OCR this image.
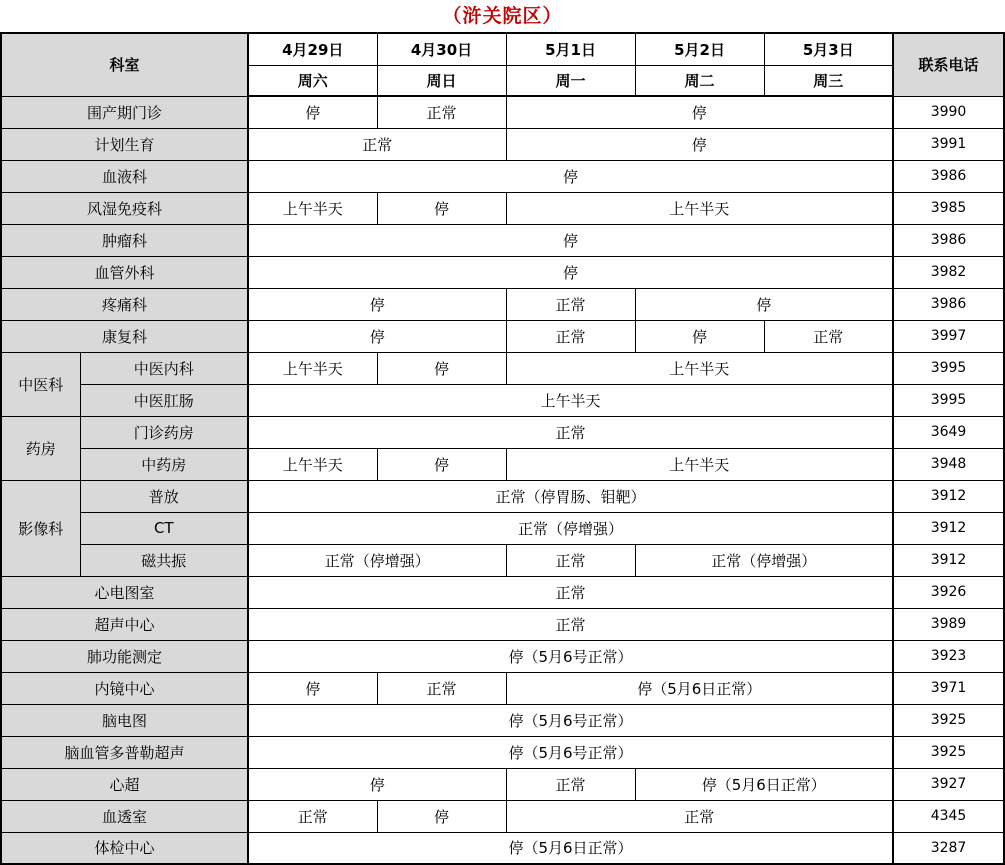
（浒关院区）
科室		4月29日	4月30日	5月1日	5月2日	5月3日	联系电话
		周六	周日	周一	周二	周三	
围产期门诊		停	正常	停			3990
计划生育		正常		停			3991
血液科		停					3986
风湿免疫科		上午半天	停	上午半天			3985
肿瘤科		停					3986
血管外科		停					3982
疼痛科		停		正常	停		3986
康复科		停		正常	停	正常	3997
中医科	中医内科	上午半天	停	上午半天			3995
	中医肛肠	上午半天					3995
药房	门诊药房	正常					3649
	中药房	上午半天	停	上午半天			3948
影像科	普放	正常（停胃肠、钼靶）					3912
	CT	正常（停增强）					3912
	磁共振	正常（停增强）		正常	正常（停增强）		3912
心电图室		正常					3926
超声中心		正常					3989
肺功能测定		停（5月6号正常）					3923
内镜中心		停	正常	停（5月6日正常）			3971
脑电图		停（5月6号正常）					3925
脑血管多普勒超声		停（5月6号正常）					3925
心超		停		正常	停（5月6日正常）		3927
血透室		正常	停	正常			4345
体检中心		停（5月6日正常）					3287
